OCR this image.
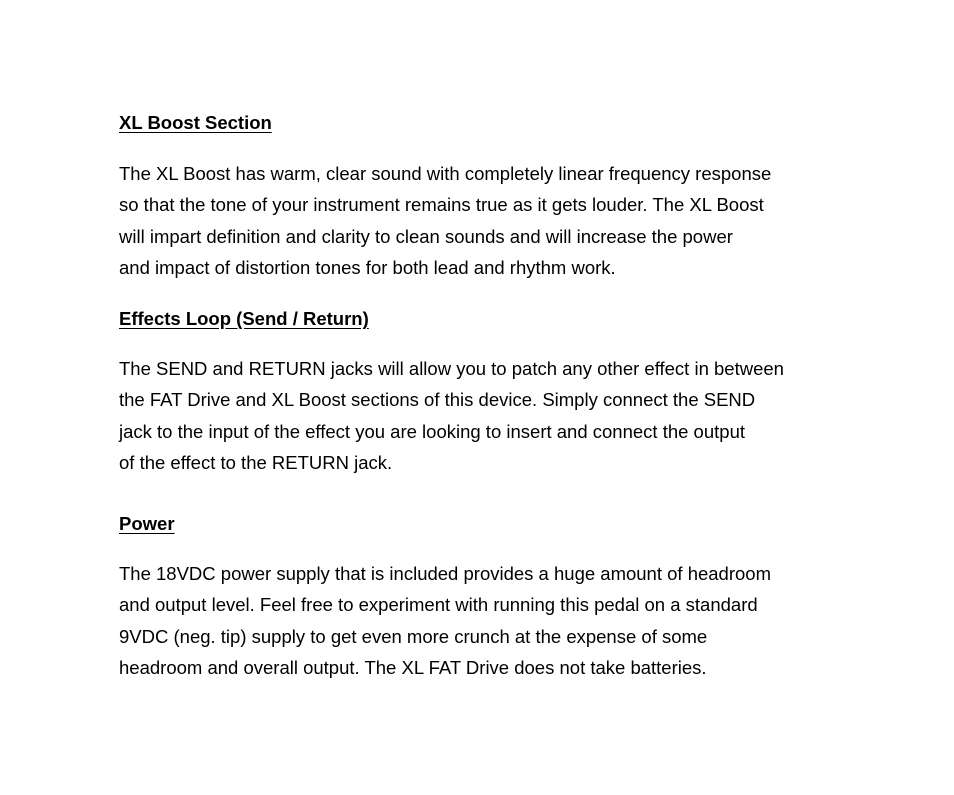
XL Boost Section

The XL Boost has warm, clear sound with completely linear frequency response
so that the tone of your instrument remains true as it gets louder. The XL Boost
will impart definition and clarity to clean sounds and will increase the power
and impact of distortion tones for both lead and rhythm work.

Effects Loop (Send / Return)

The SEND and RETURN jacks will allow you to patch any other effect in between
the FAT Drive and XL Boost sections of this device. Simply connect the SEND
jack to the input of the effect you are looking to insert and connect the output
of the effect to the RETURN jack.

Power

The 18VDC power supply that is included provides a huge amount of headroom
and output level. Feel free to experiment with running this pedal on a standard
9VDC (neg. tip) supply to get even more crunch at the expense of some
headroom and overall output. The XL FAT Drive does not take batteries.
